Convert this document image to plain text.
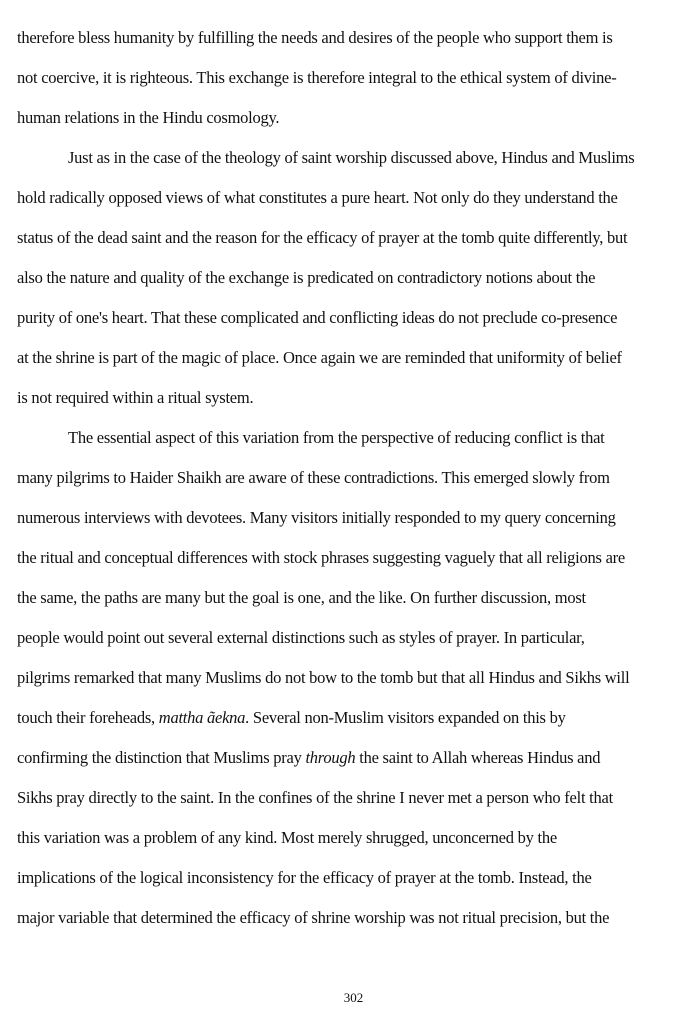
therefore bless humanity by fulfilling the needs and desires of the people who support them is
not coercive, it is righteous. This exchange is therefore integral to the ethical system of divine-
human relations in the Hindu cosmology.
Just as in the case of the theology of saint worship discussed above, Hindus and Muslims
hold radically opposed views of what constitutes a pure heart. Not only do they understand the
status of the dead saint and the reason for the efficacy of prayer at the tomb quite differently, but
also the nature and quality of the exchange is predicated on contradictory notions about the
purity of one's heart. That these complicated and conflicting ideas do not preclude co-presence
at the shrine is part of the magic of place. Once again we are reminded that uniformity of belief
is not required within a ritual system.
The essential aspect of this variation from the perspective of reducing conflict is that
many pilgrims to Haider Shaikh are aware of these contradictions. This emerged slowly from
numerous interviews with devotees. Many visitors initially responded to my query concerning
the ritual and conceptual differences with stock phrases suggesting vaguely that all religions are
the same, the paths are many but the goal is one, and the like. On further discussion, most
people would point out several external distinctions such as styles of prayer. In particular,
pilgrims remarked that many Muslims do not bow to the tomb but that all Hindus and Sikhs will
touch their foreheads, mattha ãekna. Several non-Muslim visitors expanded on this by
confirming the distinction that Muslims pray through the saint to Allah whereas Hindus and
Sikhs pray directly to the saint. In the confines of the shrine I never met a person who felt that
this variation was a problem of any kind. Most merely shrugged, unconcerned by the
implications of the logical inconsistency for the efficacy of prayer at the tomb. Instead, the
major variable that determined the efficacy of shrine worship was not ritual precision, but the
302
